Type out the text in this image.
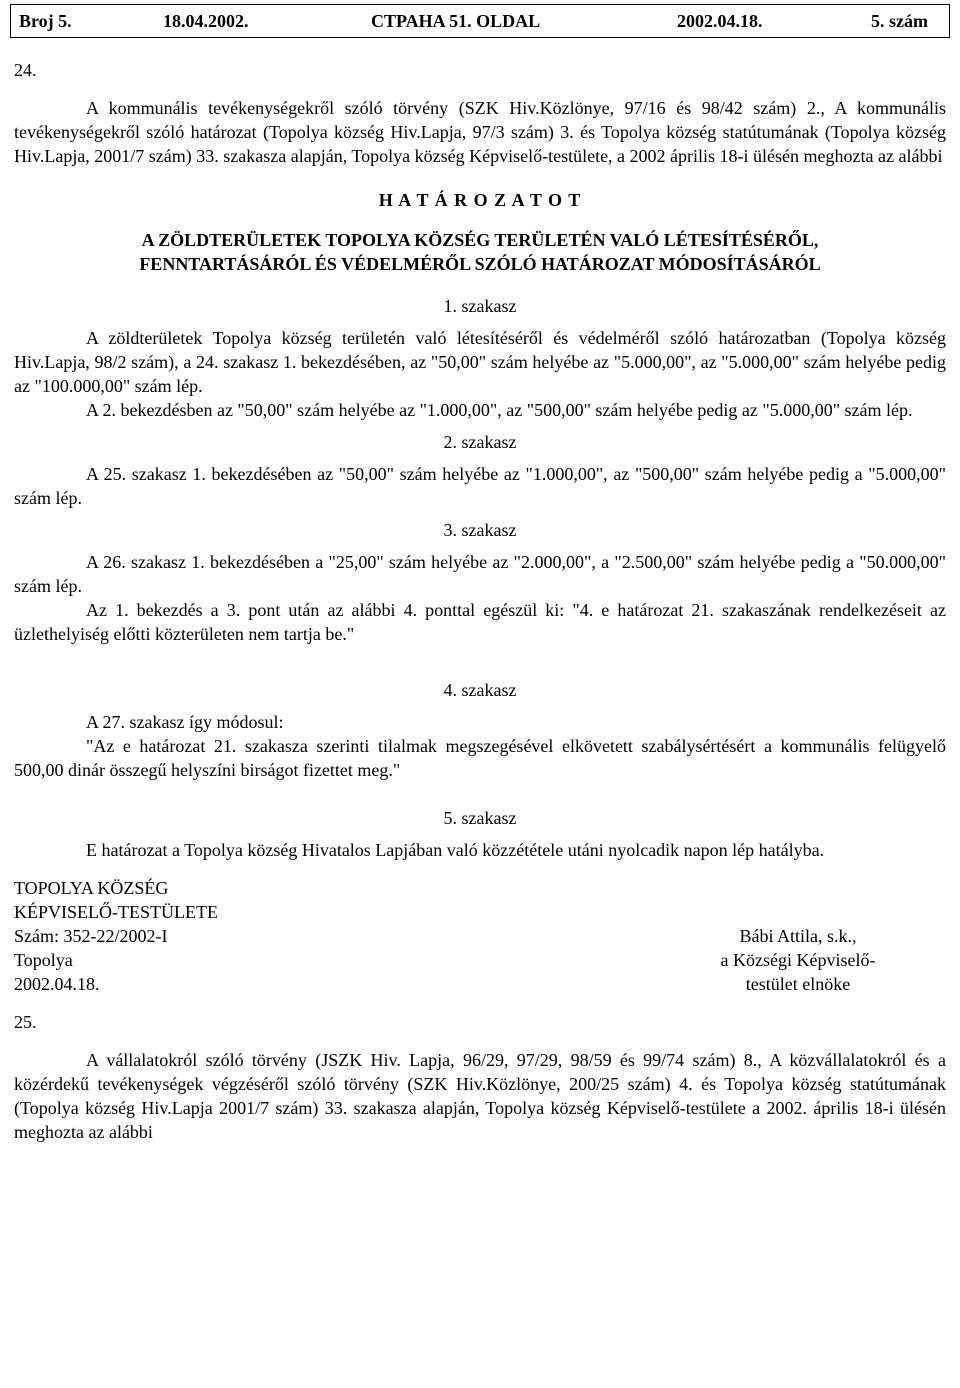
Broj 5.	18.04.2002.	CTPAHA 51. OLDAL	2002.04.18.	5. szám

24.

A kommunális tevékenységekről szóló törvény (SZK Hiv.Közlönye, 97/16 és 98/42 szám) 2., A kommunális tevékenységekről szóló határozat (Topolya község Hiv.Lapja, 97/3 szám) 3. és Topolya község statútumának (Topolya község Hiv.Lapja, 2001/7 szám) 33. szakasza alapján, Topolya község Képviselő-testülete, a 2002 április 18-i ülésén meghozta az alábbi

H A T Á R O Z A T O T

A ZÖLDTERÜLETEK TOPOLYA KÖZSÉG TERÜLETÉN VALÓ LÉTESÍTÉSÉRŐL,
FENNTARTÁSÁRÓL ÉS VÉDELMÉRŐL SZÓLÓ HATÁROZAT MÓDOSÍTÁSÁRÓL

1. szakasz

A zöldterületek Topolya község területén való létesítéséről és védelméről szóló határozatban (Topolya község Hiv.Lapja, 98/2 szám), a 24. szakasz 1. bekezdésében, az "50,00" szám helyébe az "5.000,00", az "5.000,00" szám helyébe pedig az "100.000,00" szám lép.

A 2. bekezdésben az "50,00" szám helyébe az "1.000,00", az "500,00" szám helyébe pedig az "5.000,00" szám lép.

2. szakasz

A 25. szakasz 1. bekezdésében az "50,00" szám helyébe az "1.000,00", az "500,00" szám helyébe pedig a "5.000,00" szám lép.

3. szakasz

A 26. szakasz 1. bekezdésében a "25,00" szám helyébe az "2.000,00", a "2.500,00" szám helyébe pedig a "50.000,00" szám lép.

Az 1. bekezdés a 3. pont után az alábbi 4. ponttal egészül ki: "4. e határozat 21. szakaszának rendelkezéseit az üzlethelyiség előtti közterületen nem tartja be."

4. szakasz

A 27. szakasz így módosul:

"Az e határozat 21. szakasza szerinti tilalmak megszegésével elkövetett szabálysértésért a kommunális felügyelő 500,00 dinár összegű helyszíni birságot fizettet meg."

5. szakasz

E határozat a Topolya község Hivatalos Lapjában való közzététele utáni nyolcadik napon lép hatályba.

TOPOLYA KÖZSÉG
KÉPVISELŐ-TESTÜLETE
Szám: 352-22/2002-I
Topolya
2002.04.18.
Bábi Attila, s.k.,
a Községi Képviselő-
testület elnöke

25.

A vállalatokról szóló törvény (JSZK Hiv. Lapja, 96/29, 97/29, 98/59 és 99/74 szám) 8., A közvállalatokról és a közérdekű tevékenységek végzéséről szóló törvény (SZK Hiv.Közlönye, 200/25 szám) 4. és Topolya község statútumának (Topolya község Hiv.Lapja 2001/7 szám) 33. szakasza alapján, Topolya község Képviselő-testülete a 2002. április 18-i ülésén meghozta az alábbi
